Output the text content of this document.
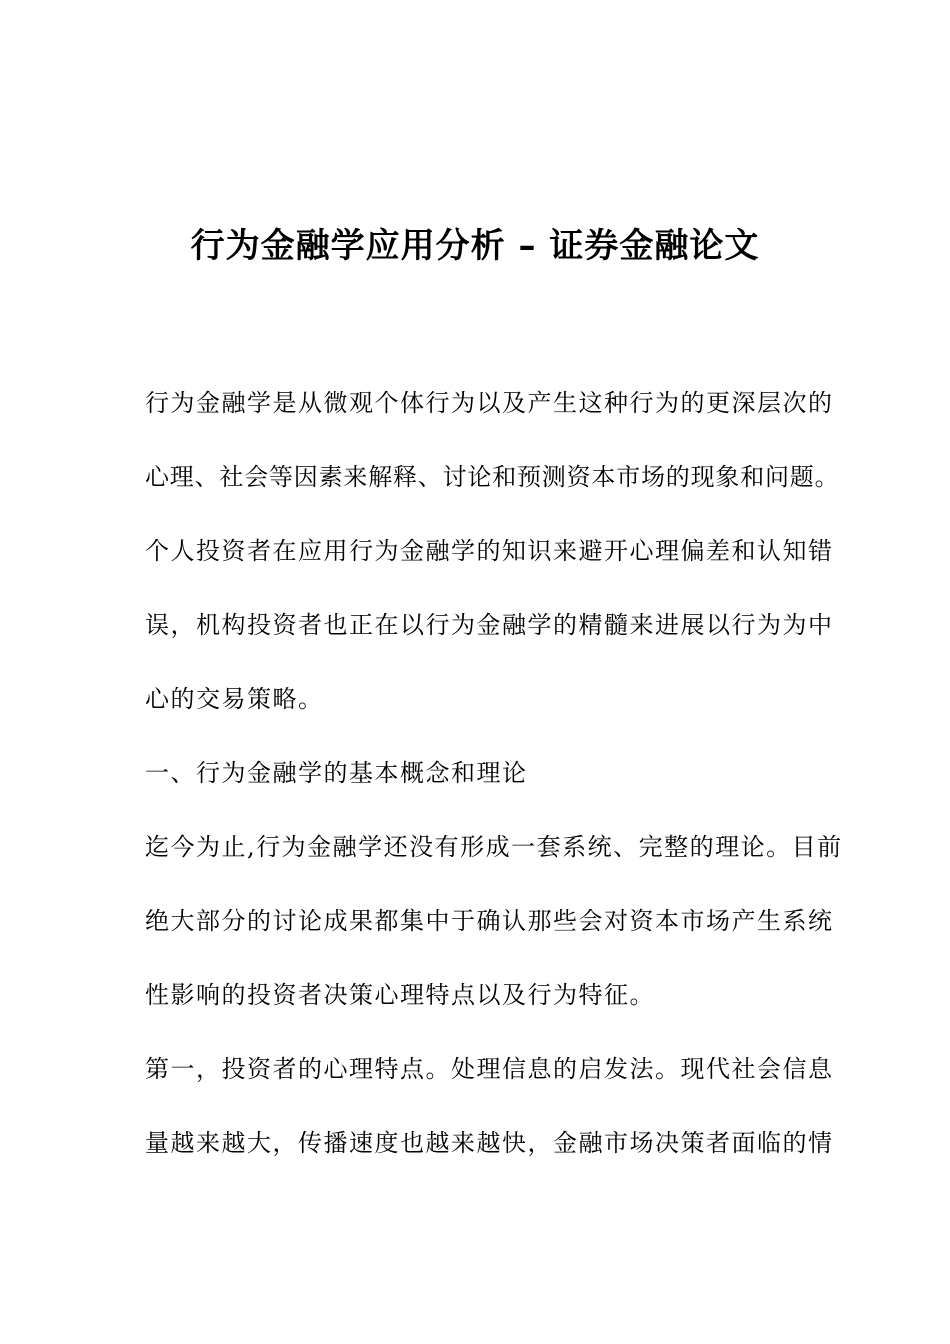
行为金融学应用分析 – 证券金融论文
行为金融学是从微观个体行为以及产生这种行为的更深层次的
心理、社会等因素来解释、讨论和预测资本市场的现象和问题。
个人投资者在应用行为金融学的知识来避开心理偏差和认知错
误，机构投资者也正在以行为金融学的精髓来进展以行为为中
心的交易策略。
一、行为金融学的基本概念和理论
迄今为止,行为金融学还没有形成一套系统、完整的理论。目前
绝大部分的讨论成果都集中于确认那些会对资本市场产生系统
性影响的投资者决策心理特点以及行为特征。
第一，投资者的心理特点。处理信息的启发法。现代社会信息
量越来越大，传播速度也越来越快，金融市场决策者面临的情
